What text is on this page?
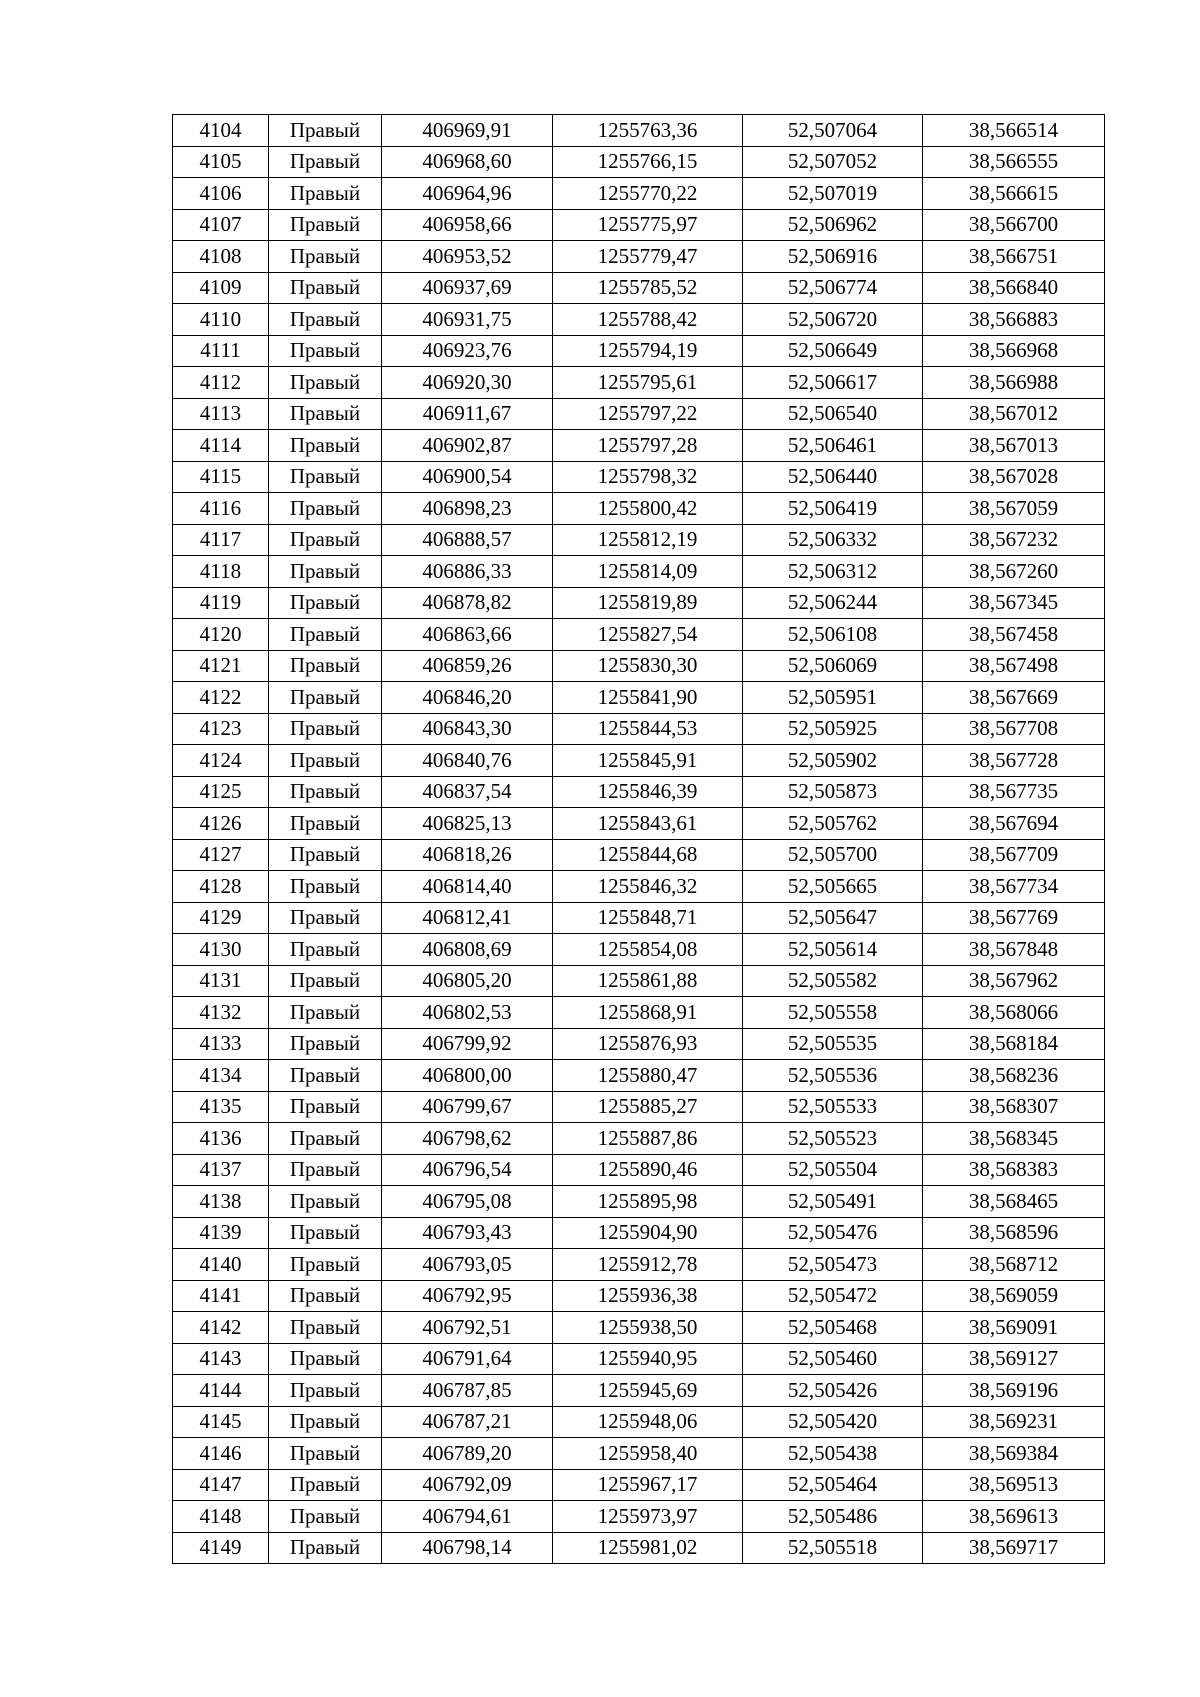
4104	Правый	406969,91	1255763,36	52,507064	38,566514
4105	Правый	406968,60	1255766,15	52,507052	38,566555
4106	Правый	406964,96	1255770,22	52,507019	38,566615
4107	Правый	406958,66	1255775,97	52,506962	38,566700
4108	Правый	406953,52	1255779,47	52,506916	38,566751
4109	Правый	406937,69	1255785,52	52,506774	38,566840
4110	Правый	406931,75	1255788,42	52,506720	38,566883
4111	Правый	406923,76	1255794,19	52,506649	38,566968
4112	Правый	406920,30	1255795,61	52,506617	38,566988
4113	Правый	406911,67	1255797,22	52,506540	38,567012
4114	Правый	406902,87	1255797,28	52,506461	38,567013
4115	Правый	406900,54	1255798,32	52,506440	38,567028
4116	Правый	406898,23	1255800,42	52,506419	38,567059
4117	Правый	406888,57	1255812,19	52,506332	38,567232
4118	Правый	406886,33	1255814,09	52,506312	38,567260
4119	Правый	406878,82	1255819,89	52,506244	38,567345
4120	Правый	406863,66	1255827,54	52,506108	38,567458
4121	Правый	406859,26	1255830,30	52,506069	38,567498
4122	Правый	406846,20	1255841,90	52,505951	38,567669
4123	Правый	406843,30	1255844,53	52,505925	38,567708
4124	Правый	406840,76	1255845,91	52,505902	38,567728
4125	Правый	406837,54	1255846,39	52,505873	38,567735
4126	Правый	406825,13	1255843,61	52,505762	38,567694
4127	Правый	406818,26	1255844,68	52,505700	38,567709
4128	Правый	406814,40	1255846,32	52,505665	38,567734
4129	Правый	406812,41	1255848,71	52,505647	38,567769
4130	Правый	406808,69	1255854,08	52,505614	38,567848
4131	Правый	406805,20	1255861,88	52,505582	38,567962
4132	Правый	406802,53	1255868,91	52,505558	38,568066
4133	Правый	406799,92	1255876,93	52,505535	38,568184
4134	Правый	406800,00	1255880,47	52,505536	38,568236
4135	Правый	406799,67	1255885,27	52,505533	38,568307
4136	Правый	406798,62	1255887,86	52,505523	38,568345
4137	Правый	406796,54	1255890,46	52,505504	38,568383
4138	Правый	406795,08	1255895,98	52,505491	38,568465
4139	Правый	406793,43	1255904,90	52,505476	38,568596
4140	Правый	406793,05	1255912,78	52,505473	38,568712
4141	Правый	406792,95	1255936,38	52,505472	38,569059
4142	Правый	406792,51	1255938,50	52,505468	38,569091
4143	Правый	406791,64	1255940,95	52,505460	38,569127
4144	Правый	406787,85	1255945,69	52,505426	38,569196
4145	Правый	406787,21	1255948,06	52,505420	38,569231
4146	Правый	406789,20	1255958,40	52,505438	38,569384
4147	Правый	406792,09	1255967,17	52,505464	38,569513
4148	Правый	406794,61	1255973,97	52,505486	38,569613
4149	Правый	406798,14	1255981,02	52,505518	38,569717
